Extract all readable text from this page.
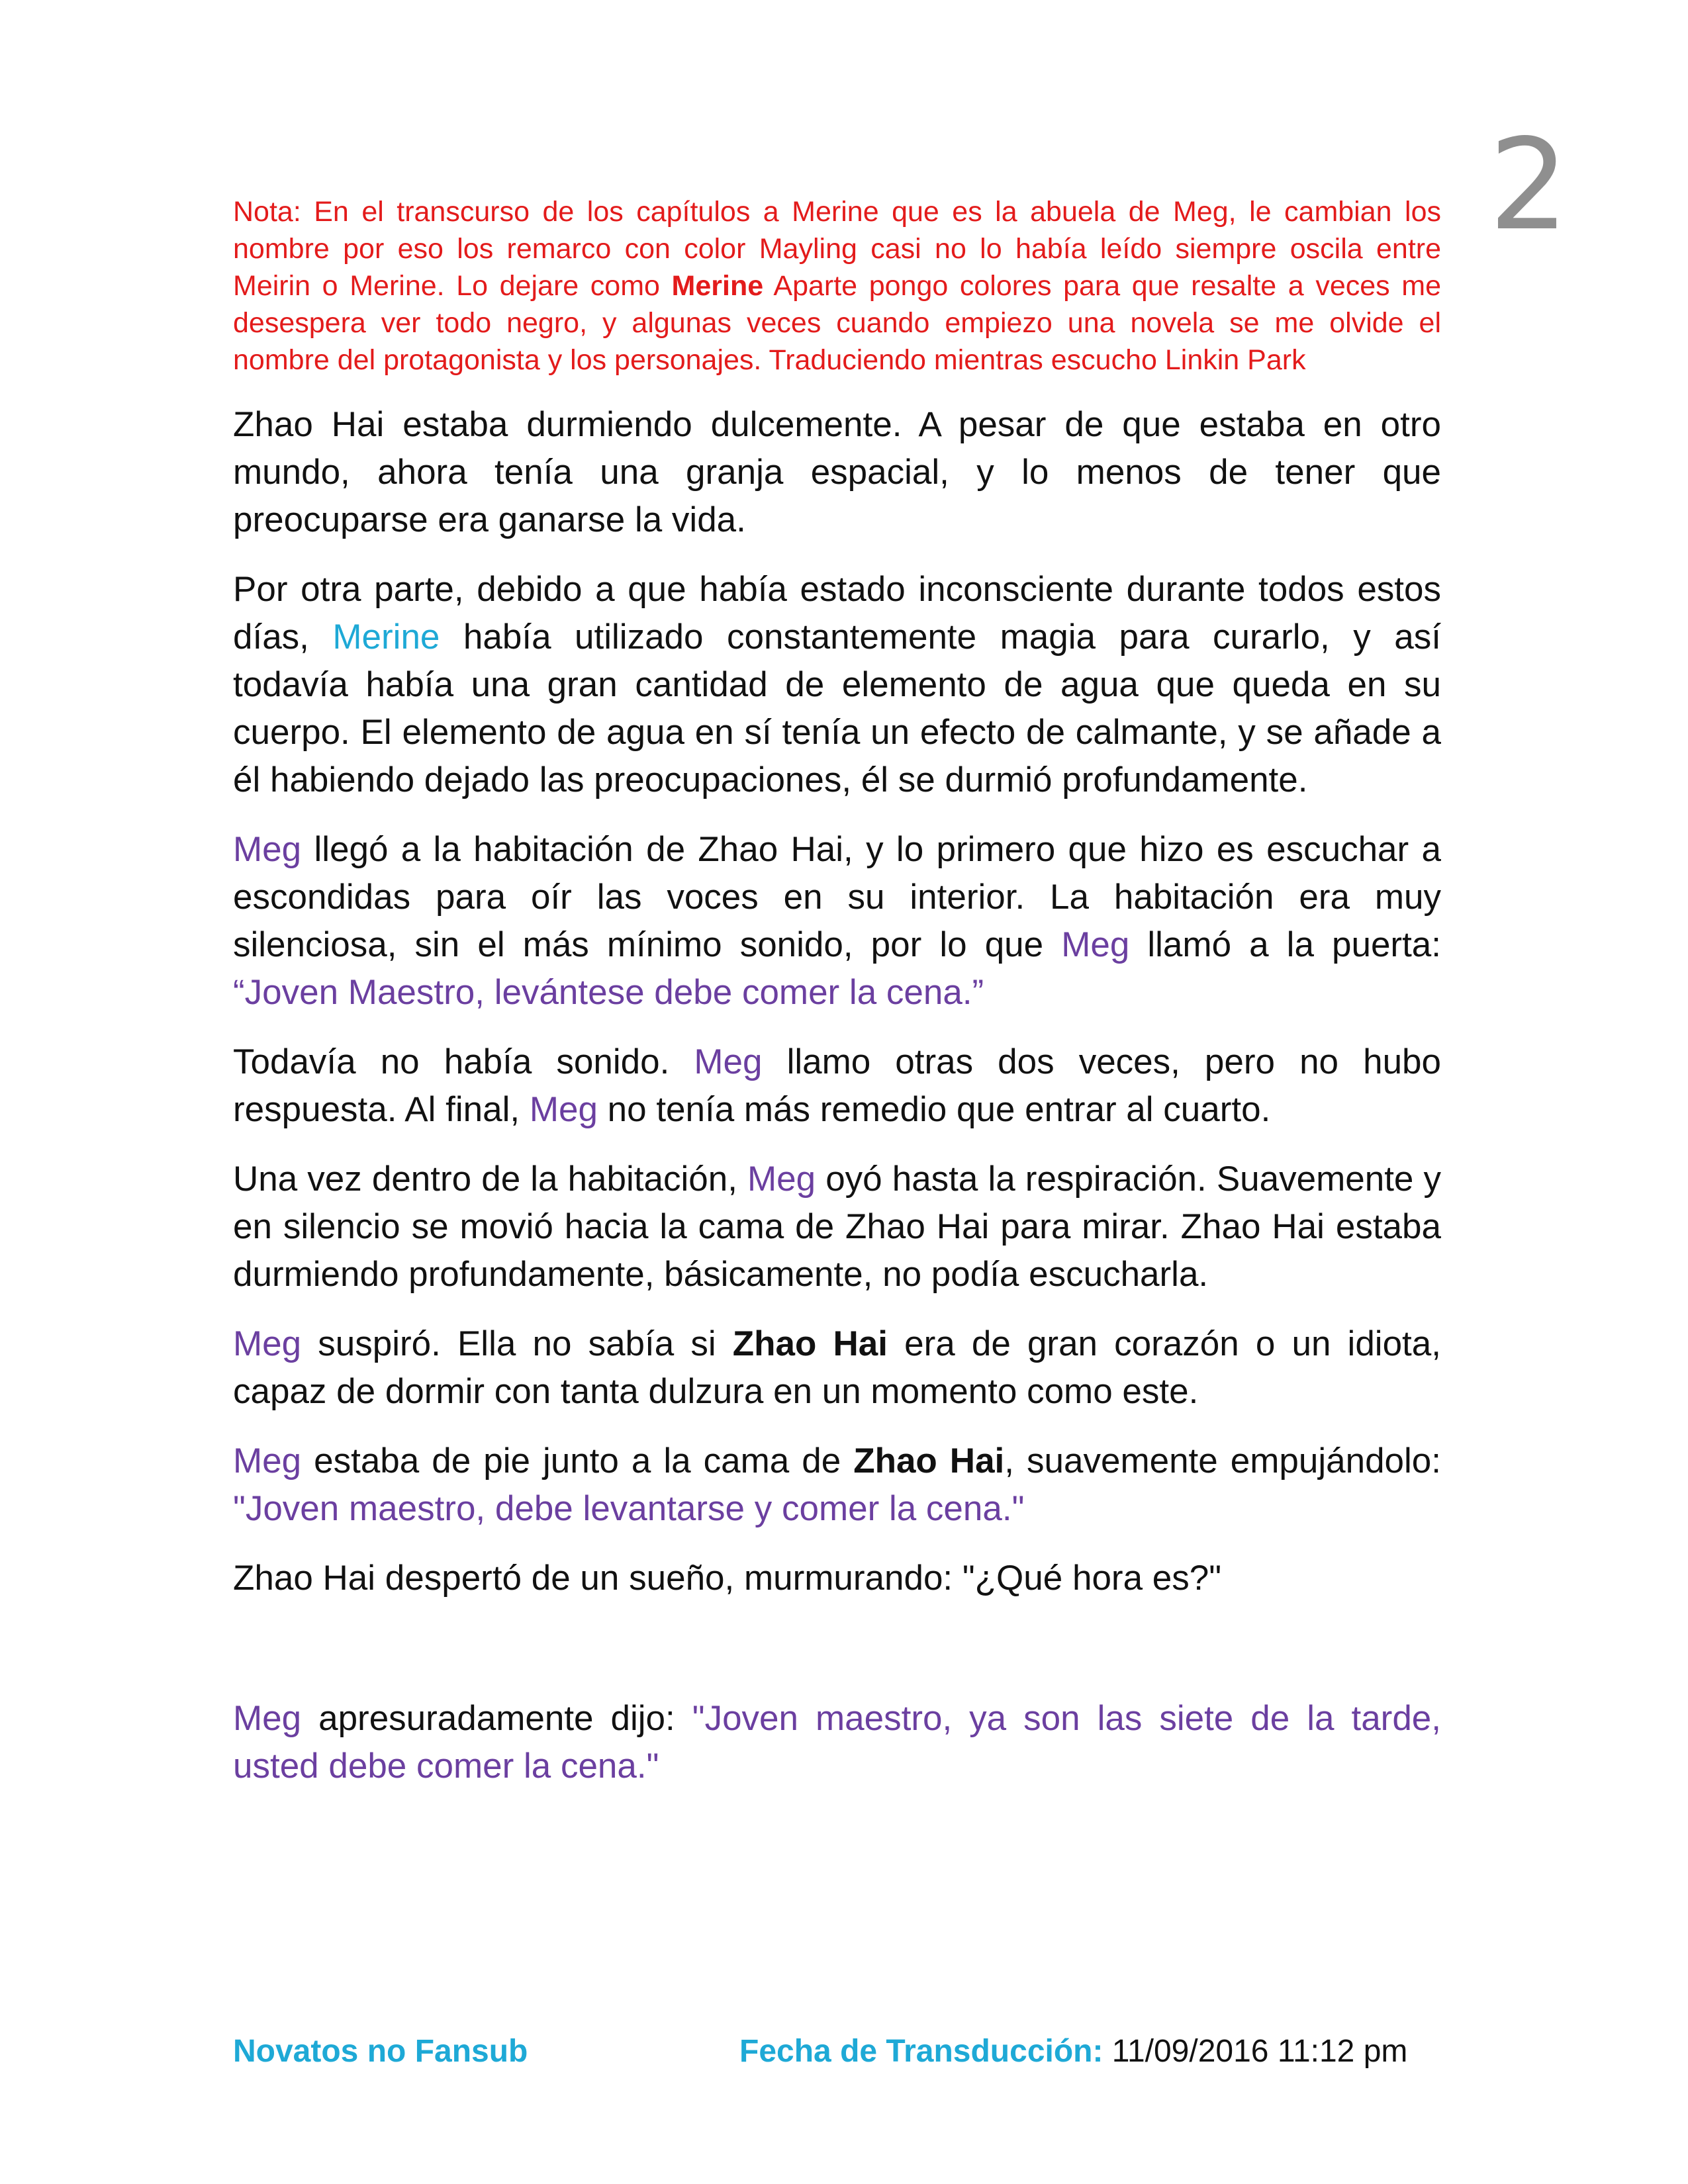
2
Nota: En el transcurso de los capítulos a Merine que es la abuela de Meg, le cambian los nombre por eso los remarco con color Mayling casi no lo había leído siempre oscila entre Meirin o Merine. Lo dejare como Merine Aparte pongo colores para que resalte a veces me desespera ver todo negro, y algunas veces cuando empiezo una novela se me olvide el nombre del protagonista y los personajes. Traduciendo mientras escucho Linkin Park

Zhao Hai estaba durmiendo dulcemente. A pesar de que estaba en otro mundo, ahora tenía una granja espacial, y lo menos de tener que preocuparse era ganarse la vida.

Por otra parte, debido a que había estado inconsciente durante todos estos días, Merine había utilizado constantemente magia para curarlo, y así todavía había una gran cantidad de elemento de agua que queda en su cuerpo. El elemento de agua en sí tenía un efecto de calmante, y se añade a él habiendo dejado las preocupaciones, él se durmió profundamente.

Meg llegó a la habitación de Zhao Hai, y lo primero que hizo es escuchar a escondidas para oír las voces en su interior. La habitación era muy silenciosa, sin el más mínimo sonido, por lo que Meg llamó a la puerta: “Joven Maestro, levántese debe comer la cena.”

Todavía no había sonido. Meg llamo otras dos veces, pero no hubo respuesta. Al final, Meg no tenía más remedio que entrar al cuarto.

Una vez dentro de la habitación, Meg oyó hasta la respiración. Suavemente y en silencio se movió hacia la cama de Zhao Hai para mirar. Zhao Hai estaba durmiendo profundamente, básicamente, no podía escucharla.

Meg suspiró. Ella no sabía si Zhao Hai era de gran corazón o un idiota, capaz de dormir con tanta dulzura en un momento como este.

Meg estaba de pie junto a la cama de Zhao Hai, suavemente empujándolo: "Joven maestro, debe levantarse y comer la cena."

Zhao Hai despertó de un sueño, murmurando: "¿Qué hora es?"

Meg apresuradamente dijo: "Joven maestro, ya son las siete de la tarde, usted debe comer la cena."

Novatos no Fansub	Fecha de Transducción: 11/09/2016 11:12 pm
